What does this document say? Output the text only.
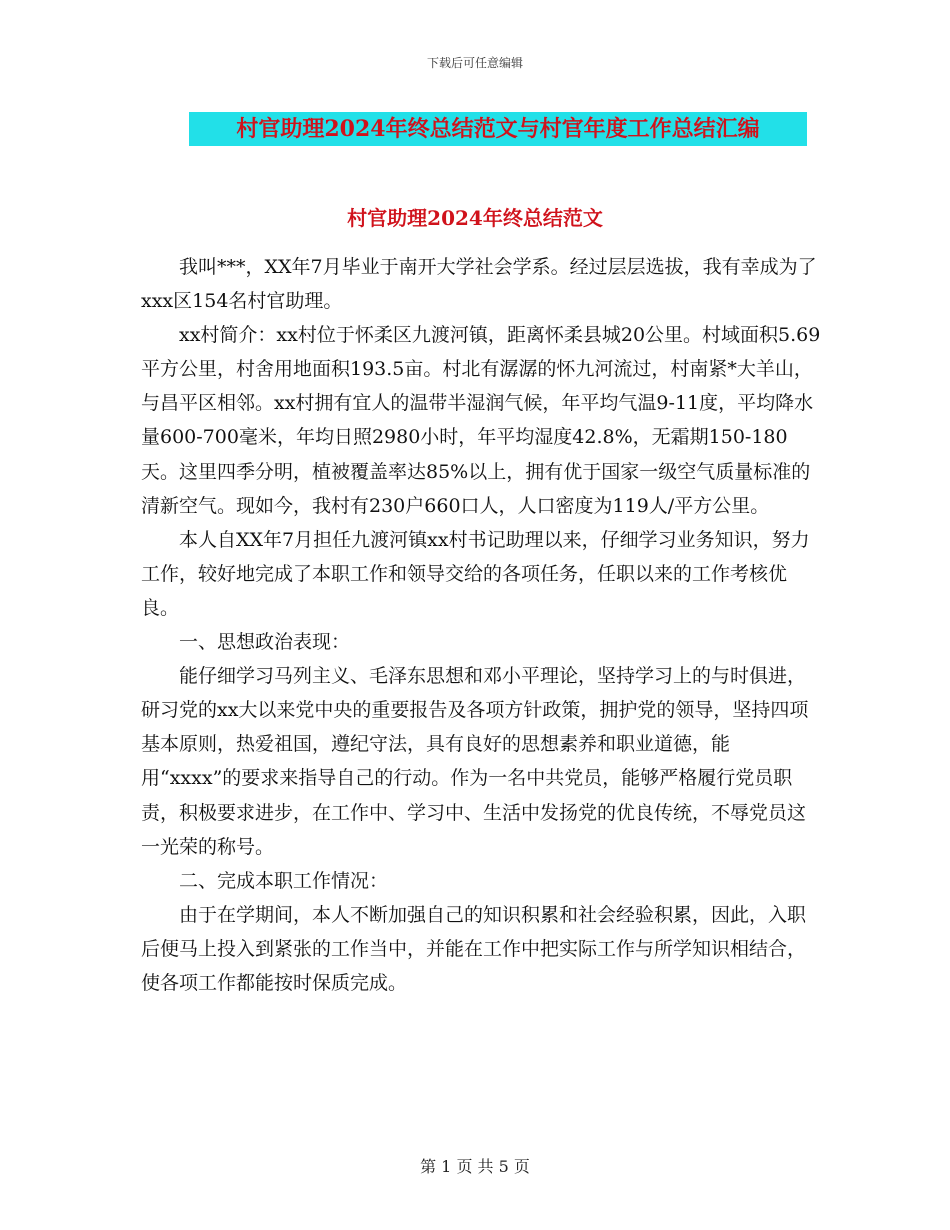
下载后可任意编辑
村官助理2024年终总结范文与村官年度工作总结汇编
村官助理2024年终总结范文

我叫***，XX年7月毕业于南开大学社会学系。经过层层选拔，我有幸成为了xxx区154名村官助理。

xx村简介：xx村位于怀柔区九渡河镇，距离怀柔县城20公里。村域面积5.69平方公里，村舍用地面积193.5亩。村北有潺潺的怀九河流过，村南紧*大羊山，与昌平区相邻。xx村拥有宜人的温带半湿润气候，年平均气温9-11度，平均降水量600-700毫米，年均日照2980小时，年平均湿度42.8%，无霜期150-180天。这里四季分明，植被覆盖率达85%以上，拥有优于国家一级空气质量标准的清新空气。现如今，我村有230户660口人，人口密度为119人/平方公里。

本人自XX年7月担任九渡河镇xx村书记助理以来，仔细学习业务知识，努力工作，较好地完成了本职工作和领导交给的各项任务，任职以来的工作考核优良。

一、思想政治表现：

能仔细学习马列主义、毛泽东思想和邓小平理论，坚持学习上的与时俱进，研习党的xx大以来党中央的重要报告及各项方针政策，拥护党的领导，坚持四项基本原则，热爱祖国，遵纪守法，具有良好的思想素养和职业道德，能用“xxxx”的要求来指导自己的行动。作为一名中共党员，能够严格履行党员职责，积极要求进步，在工作中、学习中、生活中发扬党的优良传统，不辱党员这一光荣的称号。

二、完成本职工作情况：

由于在学期间，本人不断加强自己的知识积累和社会经验积累，因此，入职后便马上投入到紧张的工作当中，并能在工作中把实际工作与所学知识相结合，使各项工作都能按时保质完成。

第 1 页 共 5 页
